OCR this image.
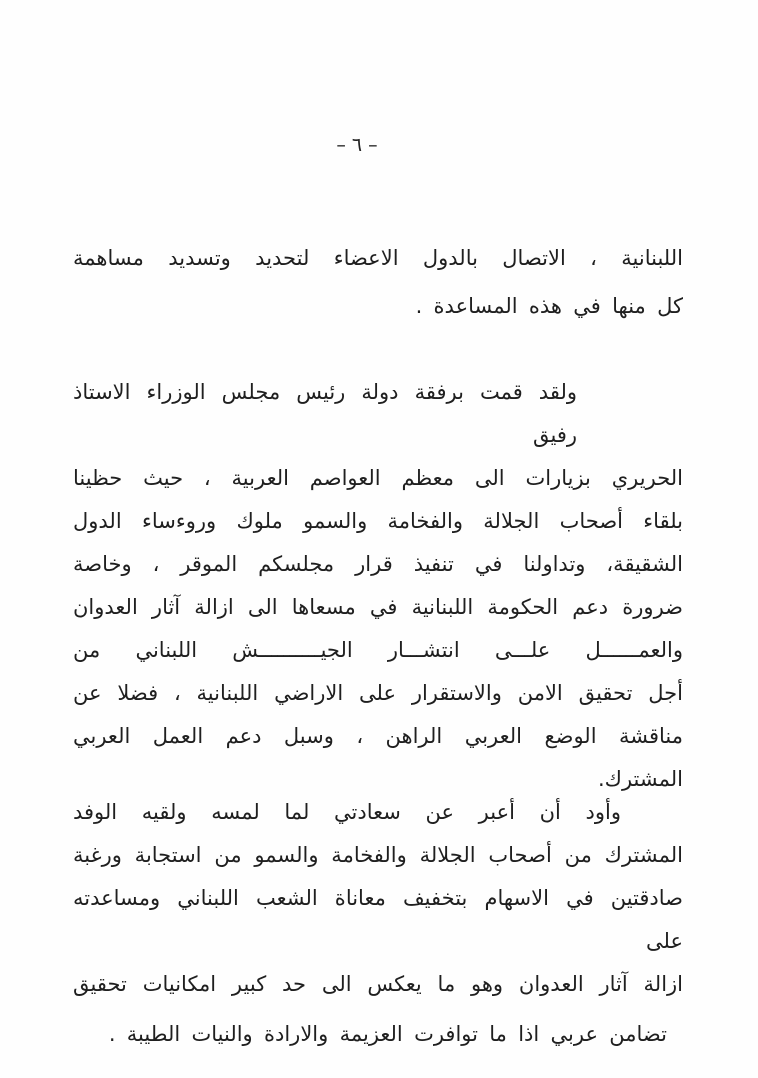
– ٦ –
اللبنانية ، الاتصال بالدول الاعضاء لتحديد وتسديد مساهمة
كل منها في هذه المساعدة .
ولقد قمت برفقة دولة رئيس مجلس الوزراء الاستاذ رفيق
الحريري بزيارات الى معظم العواصم العربية ، حيث حظينا
بلقاء أصحاب الجلالة والفخامة والسمو ملوك وروءساء الدول
الشقيقة، وتداولنا في تنفيذ قرار مجلسكم الموقر ، وخاصة
ضرورة دعم الحكومة اللبنانية في مسعاها الى ازالة آثار العدوان
والعمــــــل علـــى انتشـــار الجيــــــــــش اللبناني من
أجل تحقيق الامن والاستقرار على الاراضي اللبنانية ، فضلا عن
مناقشة الوضع العربي الراهن ، وسبل دعم العمل العربي المشترك.
وأود أن أعبر عن سعادتي لما لمسه ولقيه الوفد
المشترك من أصحاب الجلالة والفخامة والسمو من استجابة ورغبة
صادقتين في الاسهام بتخفيف معاناة الشعب اللبناني ومساعدته على
ازالة آثار العدوان وهو ما يعكس الى حد كبير امكانيات تحقيق
تضامن عربي اذا ما توافرت العزيمة والارادة والنيات الطيبة .
